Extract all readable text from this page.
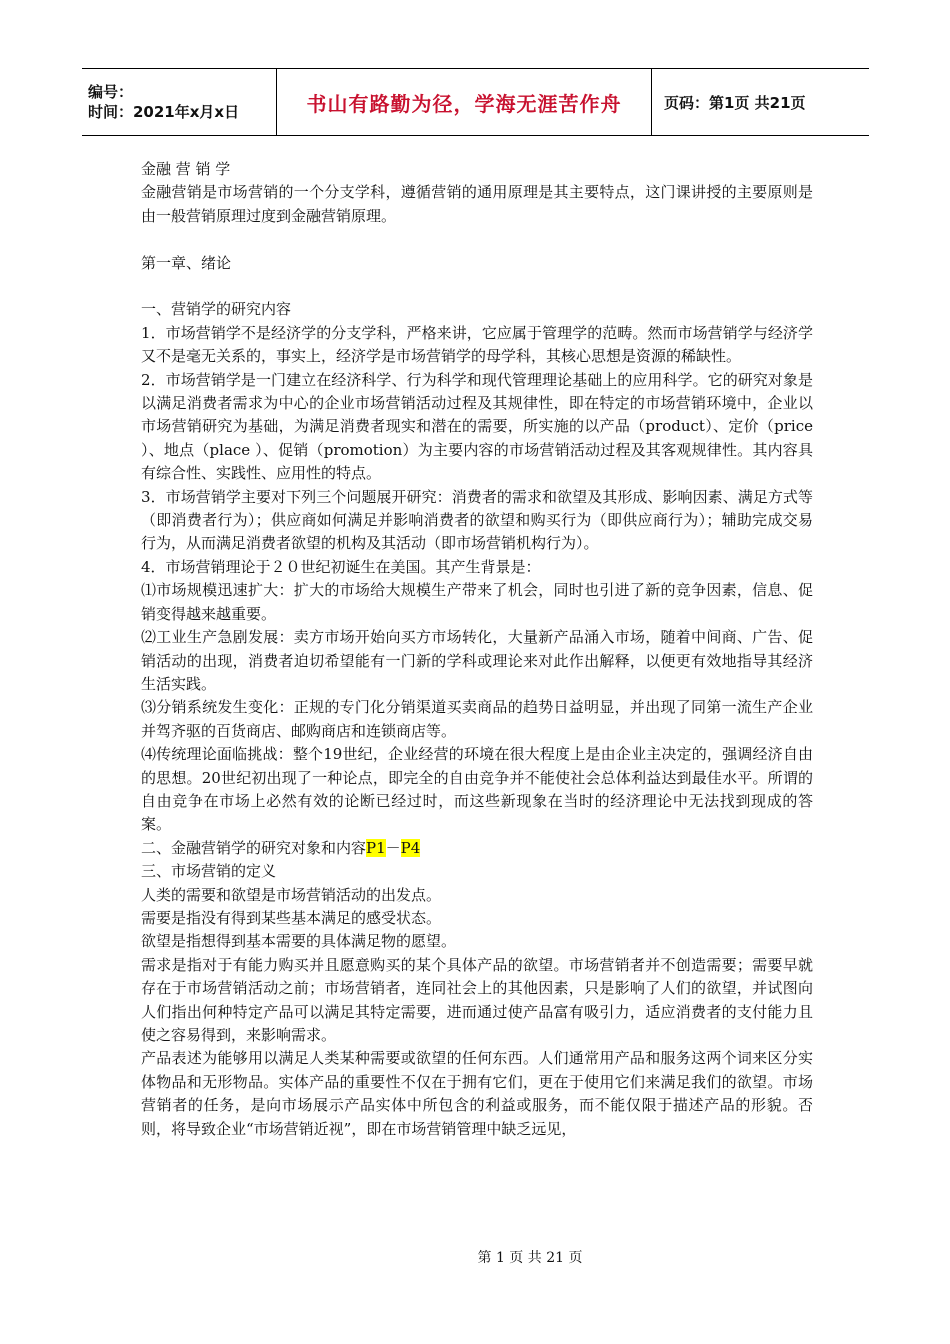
编号：
时间：2021年x月x日	书山有路勤为径，学海无涯苦作舟	页码：第1页 共21页

金融 营 销 学

金融营销是市场营销的一个分支学科，遵循营销的通用原理是其主要特点，这门课讲授的主要原则是由一般营销原理过度到金融营销原理。

第一章、绪论

一、营销学的研究内容

1．市场营销学不是经济学的分支学科，严格来讲，它应属于管理学的范畴。然而市场营销学与经济学又不是毫无关系的，事实上，经济学是市场营销学的母学科，其核心思想是资源的稀缺性。

2．市场营销学是一门建立在经济科学、行为科学和现代管理理论基础上的应用科学。它的研究对象是以满足消费者需求为中心的企业市场营销活动过程及其规律性，即在特定的市场营销环境中，企业以市场营销研究为基础，为满足消费者现实和潜在的需要，所实施的以产品（product）、定价（price ）、地点（place ）、促销（promotion）为主要内容的市场营销活动过程及其客观规律性。其内容具有综合性、实践性、应用性的特点。

3．市场营销学主要对下列三个问题展开研究：消费者的需求和欲望及其形成、影响因素、满足方式等（即消费者行为）；供应商如何满足并影响消费者的欲望和购买行为（即供应商行为）；辅助完成交易行为，从而满足消费者欲望的机构及其活动（即市场营销机构行为）。

4．市场营销理论于２０世纪初诞生在美国。其产生背景是：

⑴市场规模迅速扩大：扩大的市场给大规模生产带来了机会，同时也引进了新的竞争因素，信息、促销变得越来越重要。

⑵工业生产急剧发展：卖方市场开始向买方市场转化，大量新产品涌入市场，随着中间商、广告、促销活动的出现，消费者迫切希望能有一门新的学科或理论来对此作出解释，以便更有效地指导其经济生活实践。

⑶分销系统发生变化：正规的专门化分销渠道买卖商品的趋势日益明显，并出现了同第一流生产企业并驾齐驱的百货商店、邮购商店和连锁商店等。

⑷传统理论面临挑战：整个19世纪，企业经营的环境在很大程度上是由企业主决定的，强调经济自由的思想。20世纪初出现了一种论点，即完全的自由竞争并不能使社会总体利益达到最佳水平。所谓的自由竞争在市场上必然有效的论断已经过时，而这些新现象在当时的经济理论中无法找到现成的答案。

二、金融营销学的研究对象和内容P1－P4

三、市场营销的定义

人类的需要和欲望是市场营销活动的出发点。

需要是指没有得到某些基本满足的感受状态。

欲望是指想得到基本需要的具体满足物的愿望。

需求是指对于有能力购买并且愿意购买的某个具体产品的欲望。市场营销者并不创造需要；需要早就存在于市场营销活动之前；市场营销者，连同社会上的其他因素，只是影响了人们的欲望，并试图向人们指出何种特定产品可以满足其特定需要，进而通过使产品富有吸引力，适应消费者的支付能力且使之容易得到，来影响需求。

产品表述为能够用以满足人类某种需要或欲望的任何东西。人们通常用产品和服务这两个词来区分实体物品和无形物品。实体产品的重要性不仅在于拥有它们，更在于使用它们来满足我们的欲望。市场营销者的任务，是向市场展示产品实体中所包含的利益或服务，而不能仅限于描述产品的形貌。否则，将导致企业“市场营销近视”，即在市场营销管理中缺乏远见，

第 1 页 共 21 页
